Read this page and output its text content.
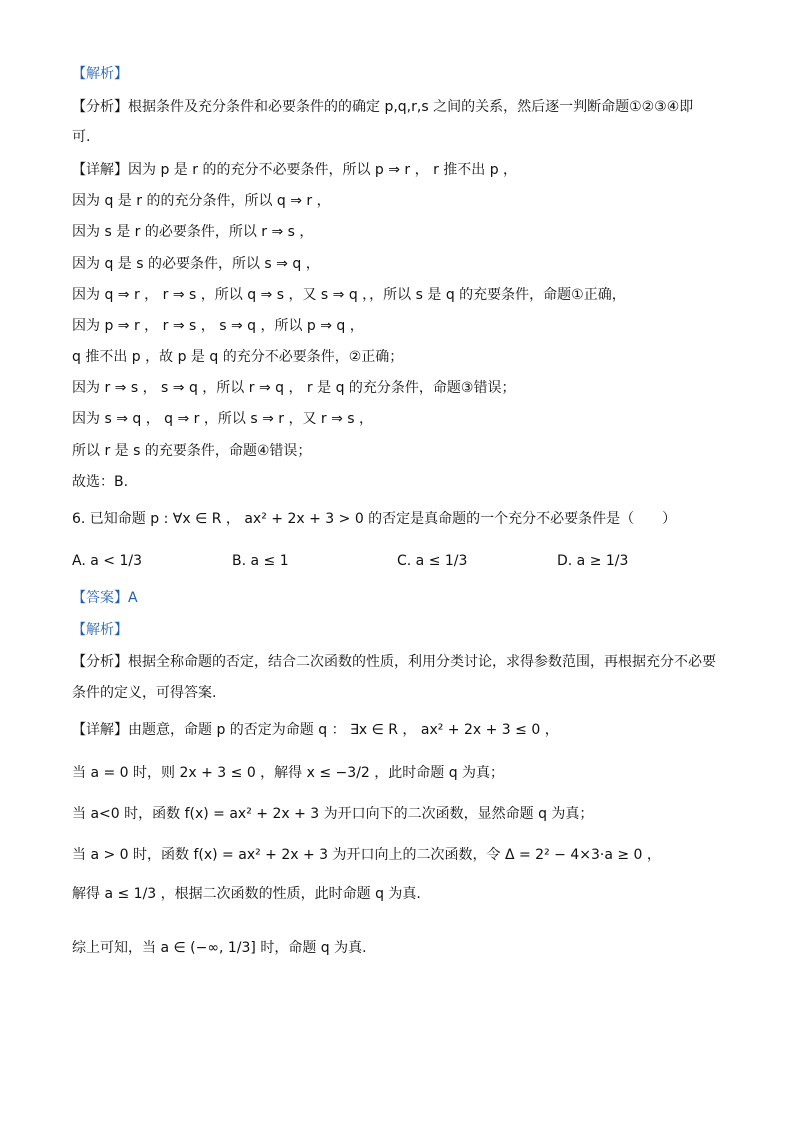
【解析】
【分析】根据条件及充分条件和必要条件的的确定 p,q,r,s 之间的关系，然后逐一判断命题①②③④即
可.
【详解】因为 p 是 r 的的充分不必要条件，所以 p ⇒ r ， r 推不出 p ，
因为 q 是 r 的的充分条件，所以 q ⇒ r ，
因为 s 是 r 的必要条件，所以 r ⇒ s ，
因为 q 是 s 的必要条件，所以 s ⇒ q ，
因为 q ⇒ r ， r ⇒ s ，所以 q ⇒ s ，又 s ⇒ q ，，所以 s 是 q 的充要条件，命题①正确，
因为 p ⇒ r ， r ⇒ s ， s ⇒ q ，所以 p ⇒ q ，
q 推不出 p ，故 p 是 q 的充分不必要条件，②正确；
因为 r ⇒ s ， s ⇒ q ，所以 r ⇒ q ， r 是 q 的充分条件，命题③错误；
因为 s ⇒ q ， q ⇒ r ，所以 s ⇒ r ，又 r ⇒ s ，
所以 r 是 s 的充要条件，命题④错误；
故选：B.
6. 已知命题 p : ∀x ∈ R ， ax² + 2x + 3 > 0 的否定是真命题的一个充分不必要条件是（　　）
A. a < 1/3	B. a ≤ 1	C. a ≤ 1/3	D. a ≥ 1/3
【答案】A
【解析】
【分析】根据全称命题的否定，结合二次函数的性质，利用分类讨论，求得参数范围，再根据充分不必要
条件的定义，可得答案.
【详解】由题意，命题 p 的否定为命题 q ： ∃x ∈ R ， ax² + 2x + 3 ≤ 0 ，
当 a = 0 时，则 2x + 3 ≤ 0 ，解得 x ≤ −3/2 ，此时命题 q 为真；
当 a<0 时，函数 f(x) = ax² + 2x + 3 为开口向下的二次函数，显然命题 q 为真；
当 a > 0 时，函数 f(x) = ax² + 2x + 3 为开口向上的二次函数，令 Δ = 2² − 4×3·a ≥ 0 ，
解得 a ≤ 1/3 ，根据二次函数的性质，此时命题 q 为真.
综上可知，当 a ∈ (−∞, 1/3] 时，命题 q 为真.
